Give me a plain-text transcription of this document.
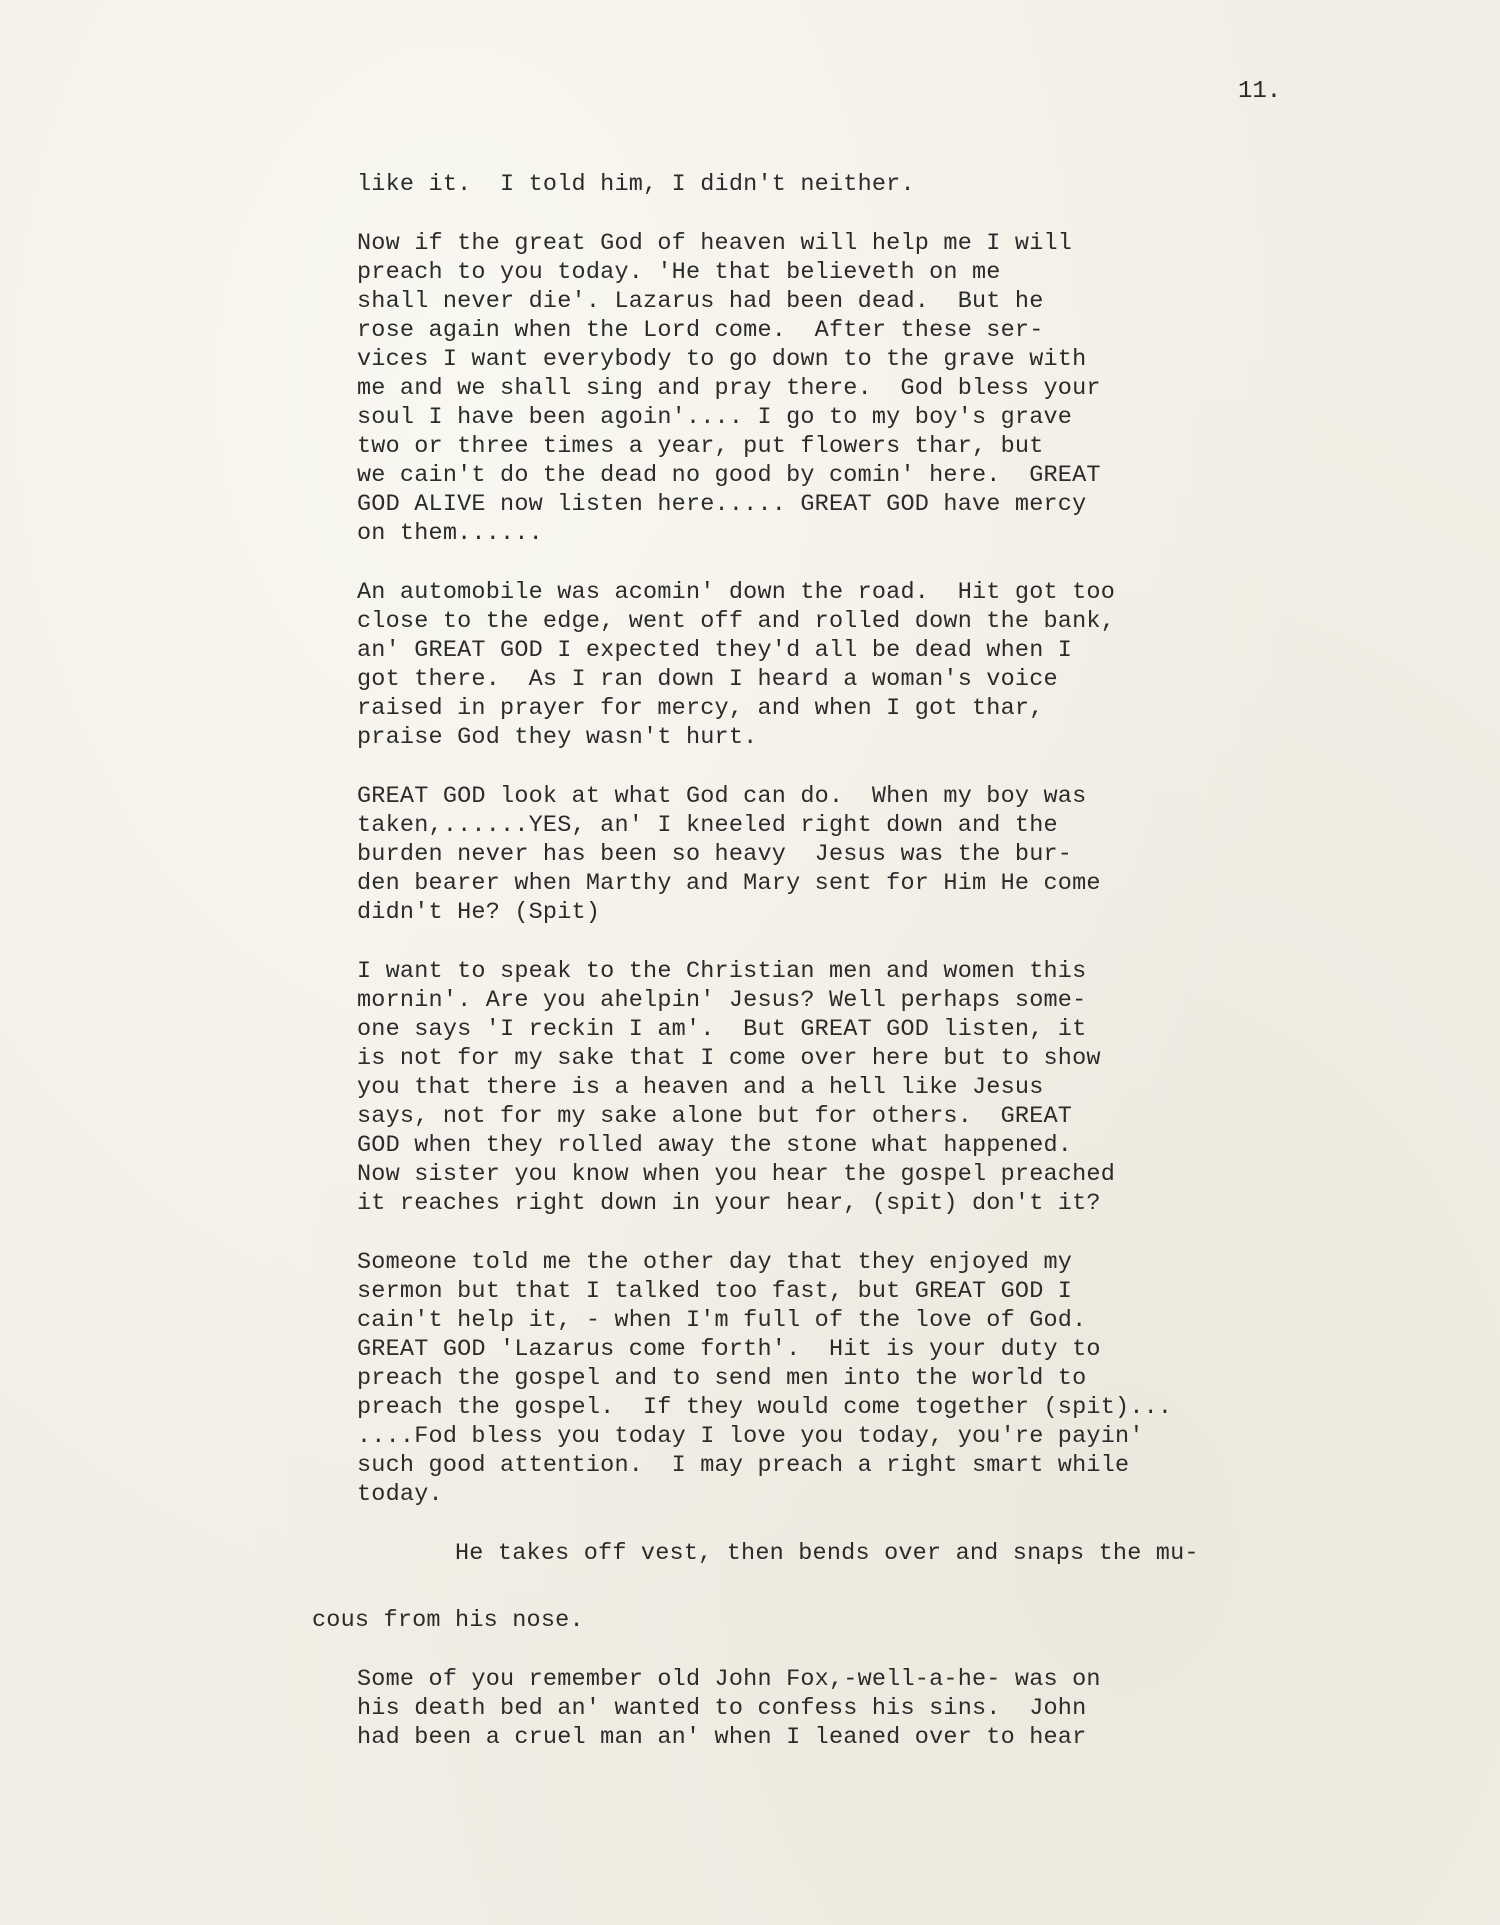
11.

like it.  I told him, I didn't neither.
Now if the great God of heaven will help me I will
preach to you today. 'He that believeth on me
shall never die'. Lazarus had been dead.  But he
rose again when the Lord come.  After these ser-
vices I want everybody to go down to the grave with
me and we shall sing and pray there.  God bless your
soul I have been agoin'.... I go to my boy's grave
two or three times a year, put flowers thar, but
we cain't do the dead no good by comin' here.  GREAT
GOD ALIVE now listen here..... GREAT GOD have mercy
on them......
An automobile was acomin' down the road.  Hit got too
close to the edge, went off and rolled down the bank,
an' GREAT GOD I expected they'd all be dead when I
got there.  As I ran down I heard a woman's voice
raised in prayer for mercy, and when I got thar,
praise God they wasn't hurt.
GREAT GOD look at what God can do.  When my boy was
taken,......YES, an' I kneeled right down and the
burden never has been so heavy  Jesus was the bur-
den bearer when Marthy and Mary sent for Him He come
didn't He? (Spit)
I want to speak to the Christian men and women this
mornin'. Are you ahelpin' Jesus? Well perhaps some-
one says 'I reckin I am'.  But GREAT GOD listen, it
is not for my sake that I come over here but to show
you that there is a heaven and a hell like Jesus
says, not for my sake alone but for others.  GREAT
GOD when they rolled away the stone what happened.
Now sister you know when you hear the gospel preached
it reaches right down in your hear, (spit) don't it?
Someone told me the other day that they enjoyed my
sermon but that I talked too fast, but GREAT GOD I
cain't help it, - when I'm full of the love of God.
GREAT GOD 'Lazarus come forth'.  Hit is your duty to
preach the gospel and to send men into the world to
preach the gospel.  If they would come together (spit)...
....Fod bless you today I love you today, you're payin'
such good attention.  I may preach a right smart while
today.
He takes off vest, then bends over and snaps the mu-
cous from his nose.
Some of you remember old John Fox,-well-a-he- was on
his death bed an' wanted to confess his sins.  John
had been a cruel man an' when I leaned over to hear
